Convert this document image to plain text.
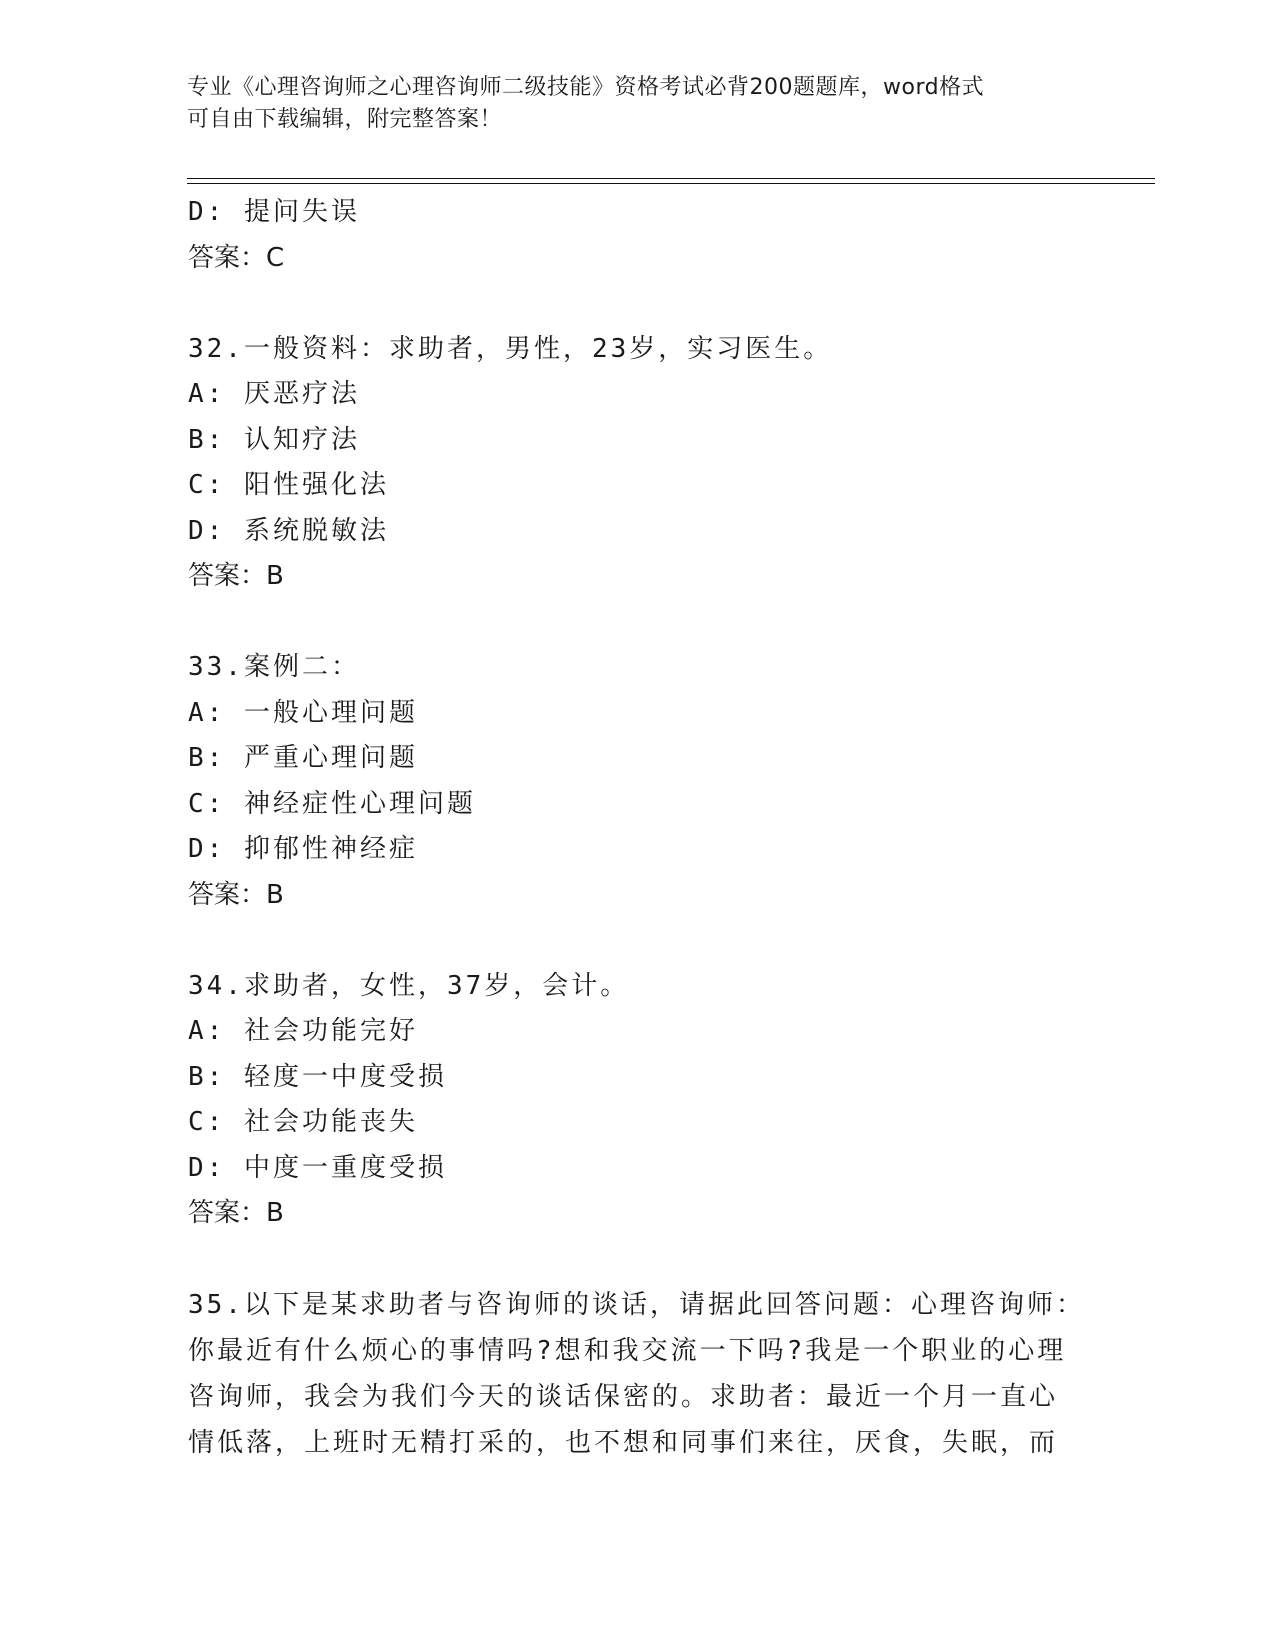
专业《心理咨询师之心理咨询师二级技能》资格考试必背200题题库，word格式
可自由下载编辑，附完整答案！
D: 提问失误
答案：C
32.一般资料：求助者，男性，23岁，实习医生。
A: 厌恶疗法
B: 认知疗法
C: 阳性强化法
D: 系统脱敏法
答案：B
33.案例二：
A: 一般心理问题
B: 严重心理问题
C: 神经症性心理问题
D: 抑郁性神经症
答案：B
34.求助者，女性，37岁，会计。
A: 社会功能完好
B: 轻度一中度受损
C: 社会功能丧失
D: 中度一重度受损
答案：B
35.以下是某求助者与咨询师的谈话，请据此回答问题：心理咨询师：
你最近有什么烦心的事情吗?想和我交流一下吗?我是一个职业的心理
咨询师，我会为我们今天的谈话保密的。求助者：最近一个月一直心
情低落，上班时无精打采的，也不想和同事们来往，厌食，失眠，而
